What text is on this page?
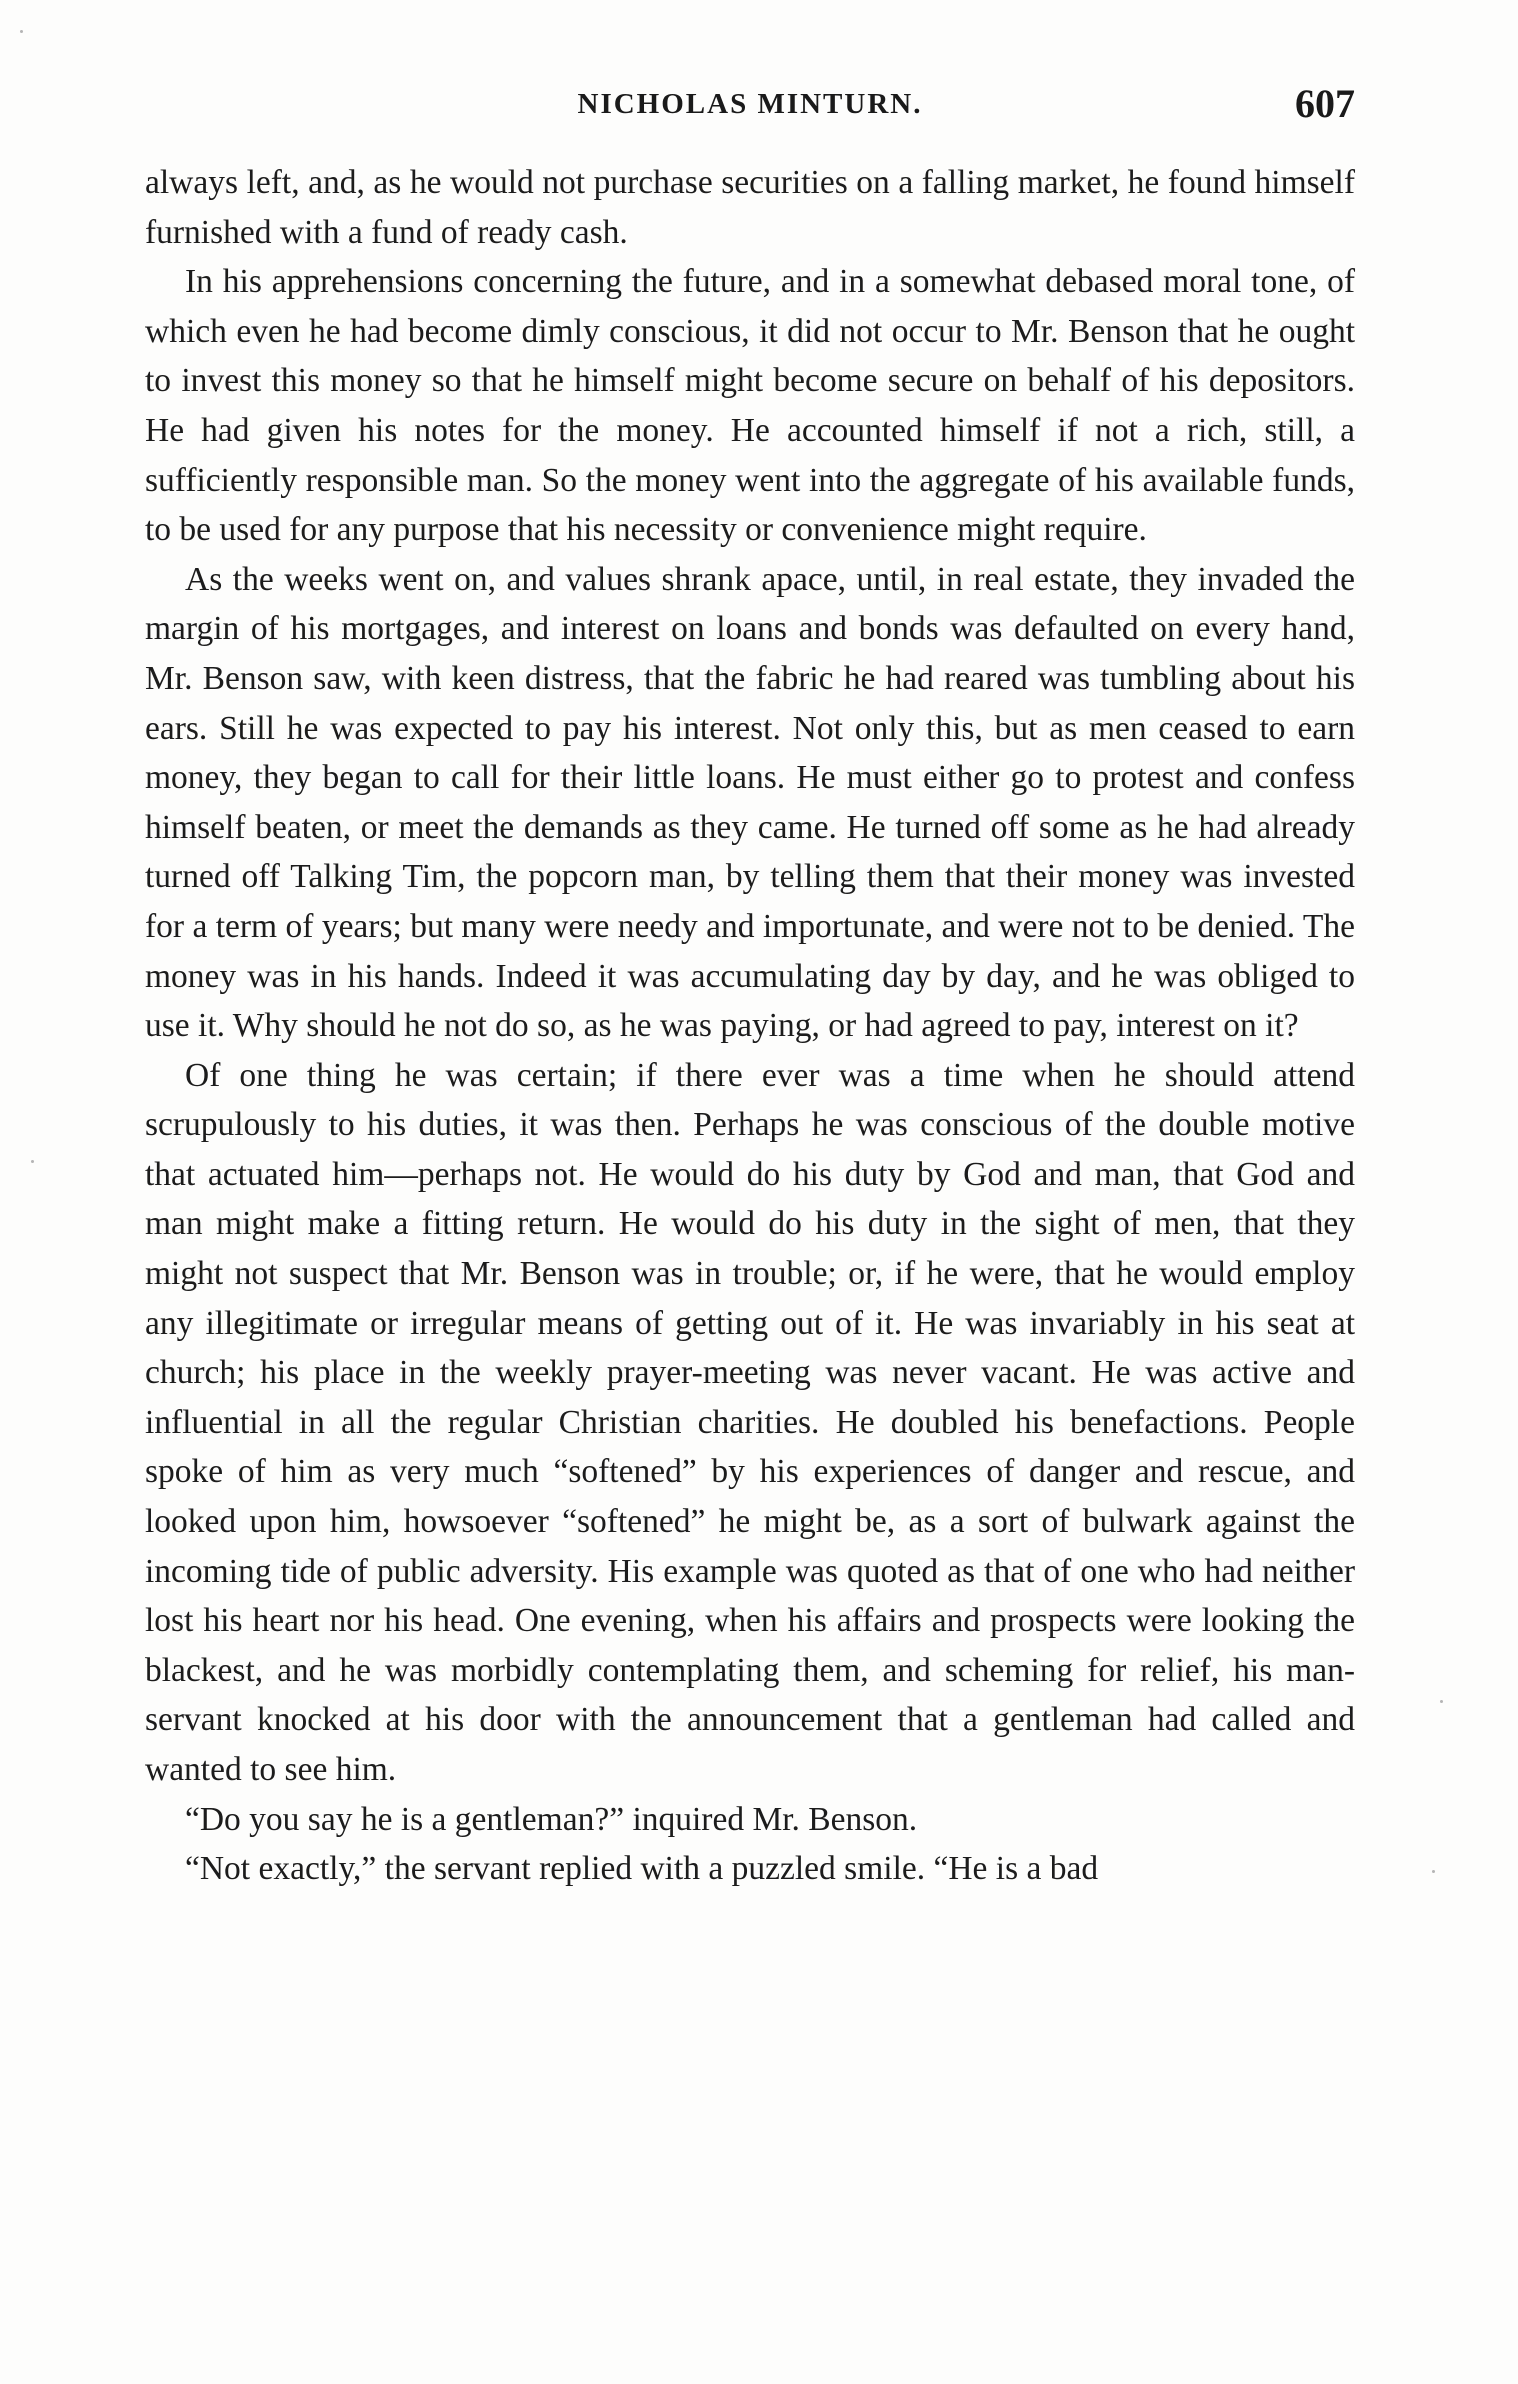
NICHOLAS MINTURN.	607

always left, and, as he would not purchase securities on a falling market, he found himself furnished with a fund of ready cash.

In his apprehensions concerning the future, and in a somewhat debased moral tone, of which even he had become dimly conscious, it did not occur to Mr. Benson that he ought to invest this money so that he himself might become secure on behalf of his depositors. He had given his notes for the money. He accounted himself if not a rich, still, a sufficiently responsible man. So the money went into the aggregate of his available funds, to be used for any purpose that his necessity or convenience might require.

As the weeks went on, and values shrank apace, until, in real estate, they invaded the margin of his mortgages, and interest on loans and bonds was defaulted on every hand, Mr. Benson saw, with keen distress, that the fabric he had reared was tumbling about his ears. Still he was expected to pay his interest. Not only this, but as men ceased to earn money, they began to call for their little loans. He must either go to protest and confess himself beaten, or meet the demands as they came. He turned off some as he had already turned off Talking Tim, the popcorn man, by telling them that their money was invested for a term of years; but many were needy and importunate, and were not to be denied. The money was in his hands. Indeed it was accumulating day by day, and he was obliged to use it. Why should he not do so, as he was paying, or had agreed to pay, interest on it?

Of one thing he was certain; if there ever was a time when he should attend scrupulously to his duties, it was then. Perhaps he was conscious of the double motive that actuated him—perhaps not. He would do his duty by God and man, that God and man might make a fitting return. He would do his duty in the sight of men, that they might not suspect that Mr. Benson was in trouble; or, if he were, that he would employ any illegitimate or irregular means of getting out of it. He was invariably in his seat at church; his place in the weekly prayer-meeting was never vacant. He was active and influential in all the regular Christian charities. He doubled his benefactions. People spoke of him as very much “softened” by his experiences of danger and rescue, and looked upon him, howsoever “softened” he might be, as a sort of bulwark against the incoming tide of public adversity. His example was quoted as that of one who had neither lost his heart nor his head. One evening, when his affairs and prospects were looking the blackest, and he was morbidly contemplating them, and scheming for relief, his man-servant knocked at his door with the announcement that a gentleman had called and wanted to see him.

“Do you say he is a gentleman?” inquired Mr. Benson.

“Not exactly,” the servant replied with a puzzled smile. “He is a bad
